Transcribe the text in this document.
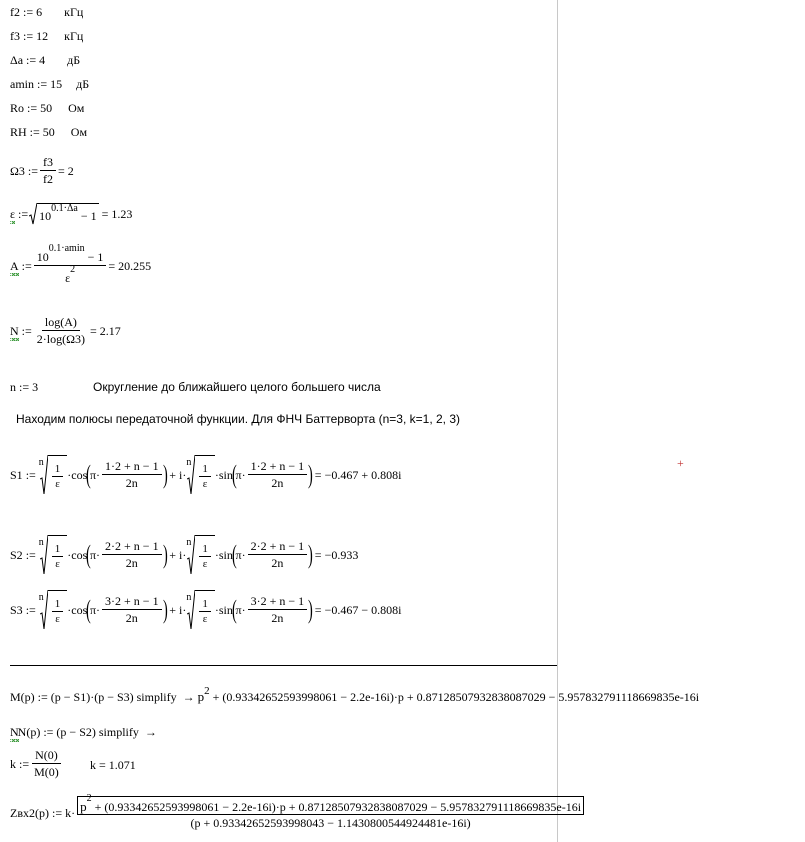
+
f2 := 6 кГц
f3 := 12 кГц
Δa := 4 дБ
amin := 15 дБ
Ro := 50 Ом
RH := 50 Ом
Ω3
:= $\frac{f3}{f2} = 2$
ε
:= 10
$^{0.1\cdot\Delta a}$

− 1
= 1.23
A
:= $\frac{10^{0.1\cdot amin} - 1}{\varepsilon^2} = 20.255$
N
:= $\frac{\log(A)}{2\cdot\log(\Omega 3)} = 2.17$
n := 3	Округление до ближайшего целого большего числа
Находим полюсы передаточной функции. Для ФНЧ Баттерворта (n=3, k=1, 2, 3)
S1
:=

n
$\frac{1}{\varepsilon} \cdot \cos$
(
$\pi \cdot \frac{1\cdot 2 + n - 1}{2n}$ )
+ i·
n
$\frac{1}{\varepsilon} \cdot \sin$
(
$\pi \cdot \frac{1\cdot 2 + n - 1}{2n}$ )
= −0.467 + 0.808i
S2
:=

n
$\frac{1}{\varepsilon} \cdot \cos$
(
$\pi \cdot \frac{2\cdot 2 + n - 1}{2n}$ )
+ i·
n
$\frac{1}{\varepsilon} \cdot \sin$
(
$\pi \cdot \frac{2\cdot 2 + n - 1}{2n}$ )
= −0.933
S3
:=

n
$\frac{1}{\varepsilon} \cdot \cos$
(
$\pi \cdot \frac{3\cdot 2 + n - 1}{2n}$ )
+ i·
n
$\frac{1}{\varepsilon} \cdot \sin$
(
$\pi \cdot \frac{3\cdot 2 + n - 1}{2n}$ )
= −0.467 − 0.808i
M(p) := (p − S1)·(p − S3) simplify
→
$p^2$
+ (0.93342652593998061 − 2.2e-16i)·p + 0.87128507932838087029 − 5.9578327911186698​35e-16i
N N(p) := (p − S2) simplify
→
k
:= $\frac{N(0)}{M(0)}$ k = 1.071
Zвх2(p) := $k\cdot p^2 + (0.93342652593998061 - 2.2e-16i)\cdot p + 0.87128507932838087029$ − 5.9578327911186698​35e-16i
(p + 0.93342652593998043 − 1.1430800544924481e-16i)
